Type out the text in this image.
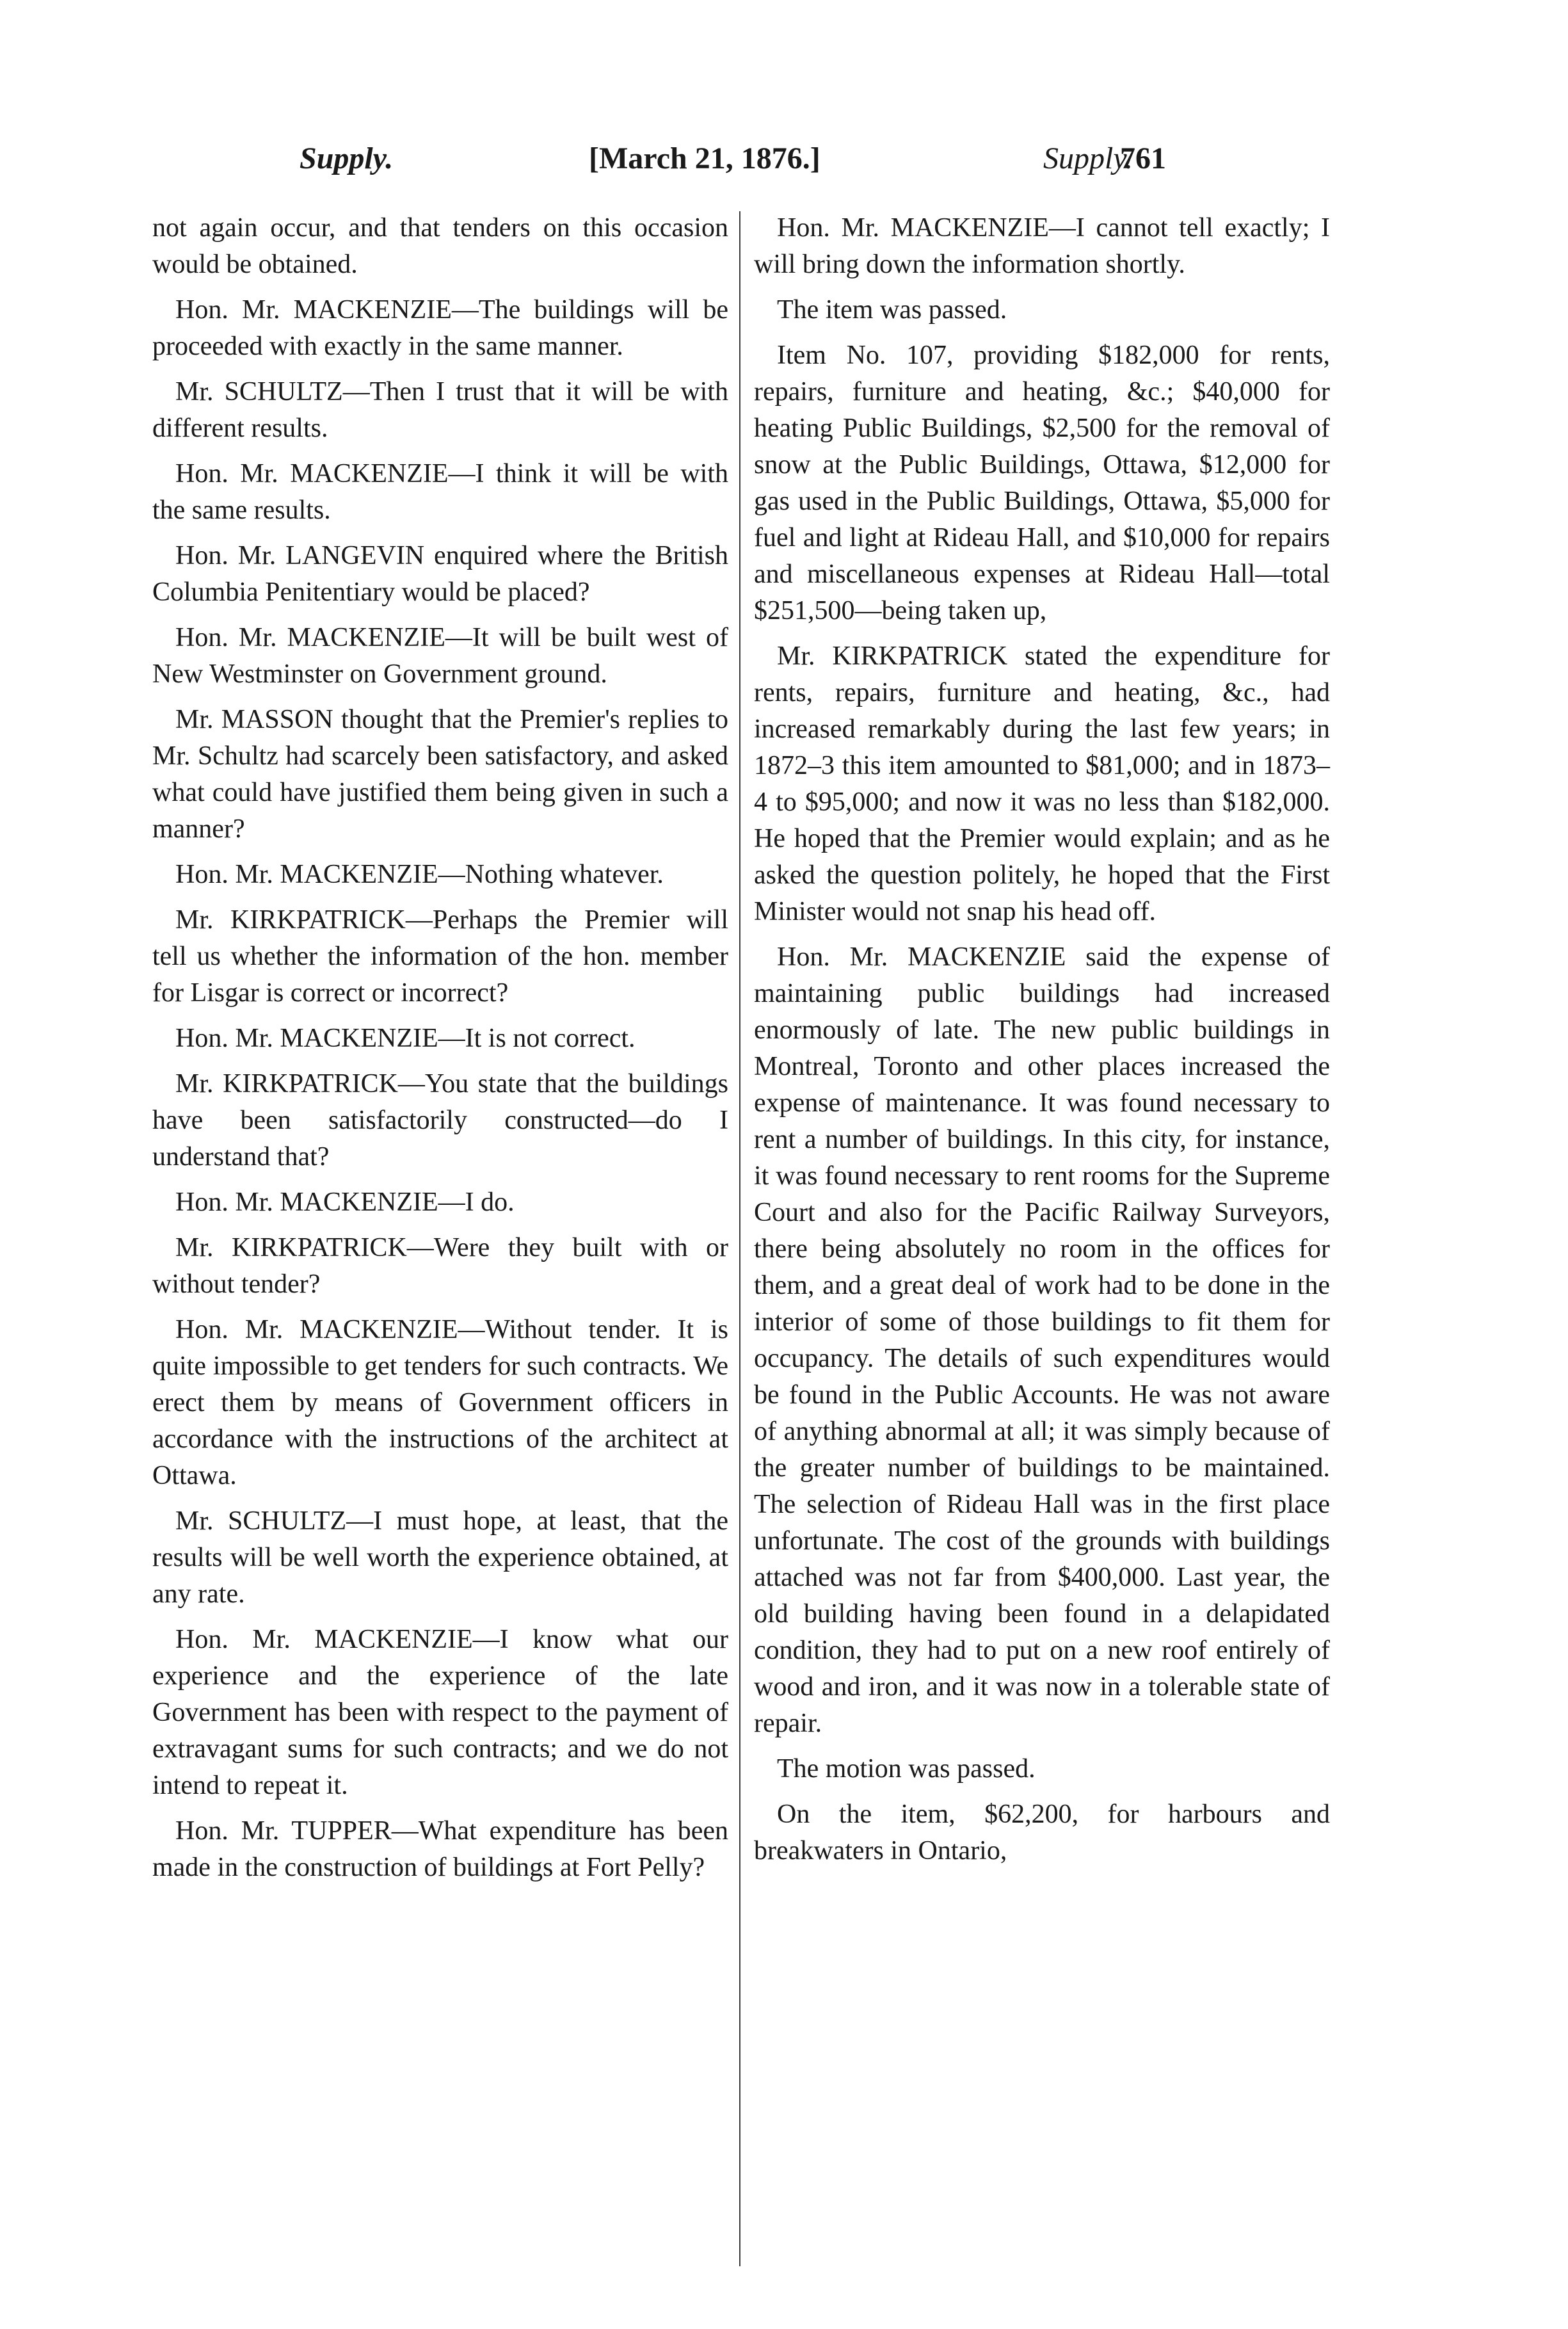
Supply.	[March 21, 1876.]	Supply.
761

not again occur, and that tenders on this occasion would be obtained.

Hon. Mr. MACKENZIE—The buildings will be proceeded with exactly in the same manner.

Mr. SCHULTZ—Then I trust that it will be with different results.

Hon. Mr. MACKENZIE—I think it will be with the same results.

Hon. Mr. LANGEVIN enquired where the British Columbia Penitentiary would be placed?

Hon. Mr. MACKENZIE—It will be built west of New Westminster on Government ground.

Mr. MASSON thought that the Premier's replies to Mr. Schultz had scarcely been satisfactory, and asked what could have justified them being given in such a manner?

Hon. Mr. MACKENZIE—Nothing whatever.

Mr. KIRKPATRICK—Perhaps the Premier will tell us whether the information of the hon. member for Lisgar is correct or incorrect?

Hon. Mr. MACKENZIE—It is not correct.

Mr. KIRKPATRICK—You state that the buildings have been satisfactorily constructed—do I understand that?

Hon. Mr. MACKENZIE—I do.

Mr. KIRKPATRICK—Were they built with or without tender?

Hon. Mr. MACKENZIE—Without tender. It is quite impossible to get tenders for such contracts. We erect them by means of Government officers in accordance with the instructions of the architect at Ottawa.

Mr. SCHULTZ—I must hope, at least, that the results will be well worth the experience obtained, at any rate.

Hon. Mr. MACKENZIE—I know what our experience and the experience of the late Government has been with respect to the payment of extravagant sums for such contracts; and we do not intend to repeat it.

Hon. Mr. TUPPER—What expenditure has been made in the construction of buildings at Fort Pelly?

Hon. Mr. MACKENZIE—I cannot tell exactly; I will bring down the information shortly.

The item was passed.

Item No. 107, providing $182,000 for rents, repairs, furniture and heating, &c.; $40,000 for heating Public Buildings, $2,500 for the removal of snow at the Public Buildings, Ottawa, $12,000 for gas used in the Public Buildings, Ottawa, $5,000 for fuel and light at Rideau Hall, and $10,000 for repairs and miscellaneous expenses at Rideau Hall—total $251,500—being taken up,

Mr. KIRKPATRICK stated the expenditure for rents, repairs, furniture and heating, &c., had increased remarkably during the last few years; in 1872–3 this item amounted to $81,000; and in 1873–4 to $95,000; and now it was no less than $182,000. He hoped that the Premier would explain; and as he asked the question politely, he hoped that the First Minister would not snap his head off.

Hon. Mr. MACKENZIE said the expense of maintaining public buildings had increased enormously of late. The new public buildings in Montreal, Toronto and other places increased the expense of maintenance. It was found necessary to rent a number of buildings. In this city, for instance, it was found necessary to rent rooms for the Supreme Court and also for the Pacific Railway Surveyors, there being absolutely no room in the offices for them, and a great deal of work had to be done in the interior of some of those buildings to fit them for occupancy. The details of such expenditures would be found in the Public Accounts. He was not aware of anything abnormal at all; it was simply because of the greater number of buildings to be maintained. The selection of Rideau Hall was in the first place unfortunate. The cost of the grounds with buildings attached was not far from $400,000. Last year, the old building having been found in a delapidated condition, they had to put on a new roof entirely of wood and iron, and it was now in a tolerable state of repair.

The motion was passed.

On the item, $62,200, for harbours and breakwaters in Ontario,
